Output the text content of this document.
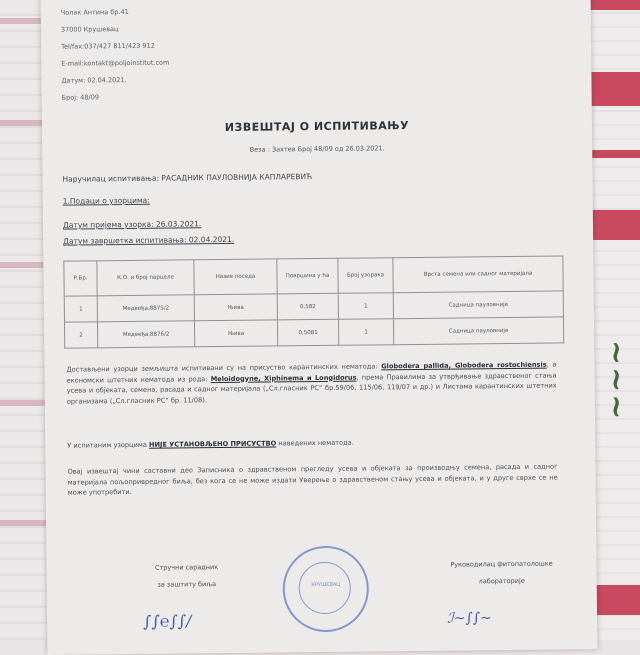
~~~
Чолак Антина бр.41
37000 Крушевац
Tel/fax:037/427 811/423 912
E-mail:kontakt@poljoinstitut.com
Датум: 02.04.2021.
Број: 48/09
ИЗВЕШТАЈ О ИСПИТИВАЊУ
Веза : Захтев Број 48/09 од 26.03.2021.
Наручилац испитивања: РАСАДНИК ПАУЛОВНИЈА КАПЛАРЕВИЋ
1.Подаци о узорцима:
Датум пријема узорка: 26.03.2021.
Датум завршетка испитивања: 02.04.2021.
Р.Бр.	К.О. и број парцеле	Назив поседа	Површина у ha	Број узорака	Врста семена или садног материјала
1	Медвеђа,8875/2	Њива	0,582	1	Садница пауловније
2	Медвеђа,8876/2	Њива	0,5081	1	Садница пауловније
Достављени узорци земљишта испитивани су на присуство карантинских нематода: Globodera pallida, Globodera rostochiensis, а економски штетних нематода из рода: Meloidogyne, Xiphinema и Longidorus, према Правилима за утврђивање здравственог стања усева и објеката, семена, расада и садног материјала („Сл.гласник РС“ бр.59/06, 115/06, 119/07 и др.) и Листама карантинских штетних организама („Сл.гласник РС“ бр. 11/08).
У испитаним узорцима НИЈЕ УСТАНОВЉЕНО ПРИСУСТВО наведених нематода.
Овај извештај чини саставни део Записника о здравственом прегледу усева и објеката за производњу семена, расада и садног материјала пољопривредног биља, без кога се не може издати Уверење о здравственом стању усева и објеката, и у друге сврхе се не може употребити.
Стручни сарадник
за заштиту биља
Руководилац фитопатолошке
лабораторије
КРУШЕВАЦ
∫∫℮∫∫∕	ℐ∼∫∫∼
